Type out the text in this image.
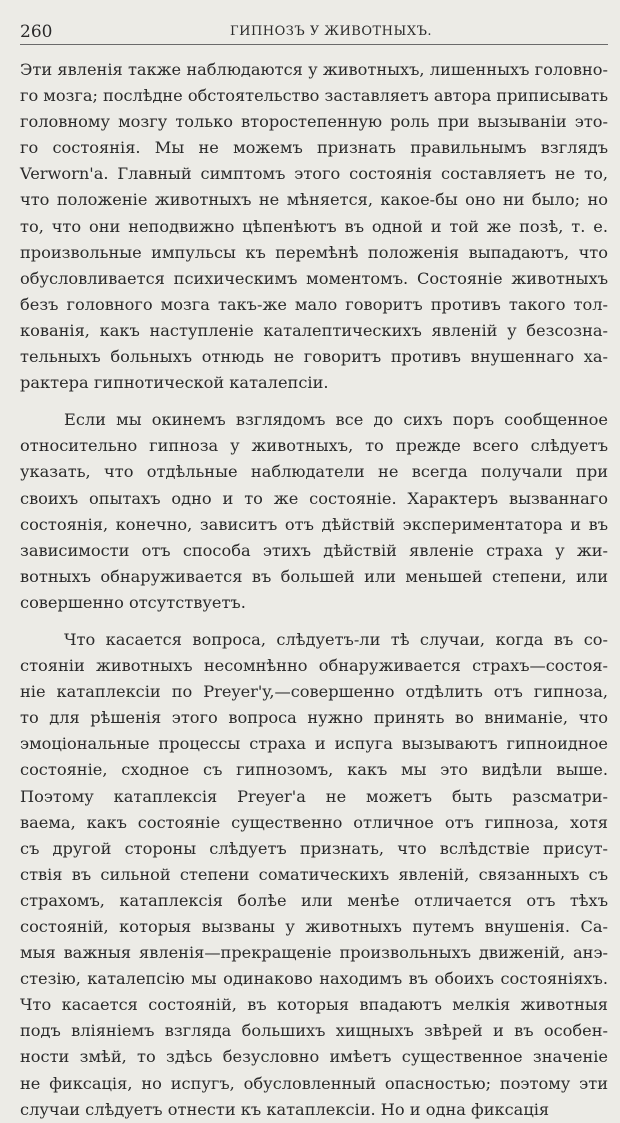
260	ГИПНОЗЪ У ЖИВОТНЫХЪ.

Эти явленія также наблюдаются у животныхъ, лишенныхъ головно-
го мозга; послѣдне обстоятельство заставляетъ автора приписывать
головному мозгу только второстепенную роль при вызываніи это-
го состоянія. Мы не можемъ признать правильнымъ взглядъ
Verworn'a. Главный симптомъ этого состоянія составляетъ не то,
что положеніе животныхъ не мѣняется, какое-бы оно ни было; но
то, что они неподвижно цѣпенѣютъ въ одной и той же позѣ, т. е.
произвольные импульсы къ перемѣнѣ положенія выпадаютъ, что
обусловливается психическимъ моментомъ. Состояніе животныхъ
безъ головного мозга такъ-же мало говоритъ противъ такого тол-
кованія, какъ наступленіе каталептическихъ явленій у безсозна-
тельныхъ больныхъ отнюдь не говоритъ противъ внушеннаго ха-
рактера гипнотической каталепсіи.

Если мы окинемъ взглядомъ все до сихъ поръ сообщенное
относительно гипноза у животныхъ, то прежде всего слѣдуетъ
указать, что отдѣльные наблюдатели не всегда получали при
своихъ опытахъ одно и то же состояніе. Характеръ вызваннаго
состоянія, конечно, зависитъ отъ дѣйствій экспериментатора и въ
зависимости отъ способа этихъ дѣйствій явленіе страха у жи-
вотныхъ обнаруживается въ большей или меньшей степени, или
совершенно отсутствуетъ.

Что касается вопроса, слѣдуетъ-ли тѣ случаи, когда въ со-
стояніи животныхъ несомнѣнно обнаруживается страхъ—состоя-
ніе катаплексіи по Preyer'y,—совершенно отдѣлить отъ гипноза,
то для рѣшенія этого вопроса нужно принять во вниманіе, что
эмоціональные процессы страха и испуга вызываютъ гипноидное
состояніе, сходное съ гипнозомъ, какъ мы это видѣли выше.
Поэтому катаплексія Preyer'a не можетъ быть разсматри-
ваема, какъ состояніе существенно отличное отъ гипноза, хотя
съ другой стороны слѣдуетъ признать, что вслѣдствіе присут-
ствія въ сильной степени соматическихъ явленій, связанныхъ съ
страхомъ, катаплексія болѣе или менѣе отличается отъ тѣхъ
состояній, которыя вызваны у животныхъ путемъ внушенія. Са-
мыя важныя явленія—прекращеніе произвольныхъ движеній, анэ-
стезію, каталепсію мы одинаково находимъ въ обоихъ состояніяхъ.
Что касается состояній, въ которыя впадаютъ мелкія животныя
подъ вліяніемъ взгляда большихъ хищныхъ звѣрей и въ особен-
ности змѣй, то здѣсь безусловно имѣетъ существенное значеніе
не фиксація, но испугъ, обусловленный опасностью; поэтому эти
случаи слѣдуетъ отнести къ катаплексіи. Но и одна фиксація
